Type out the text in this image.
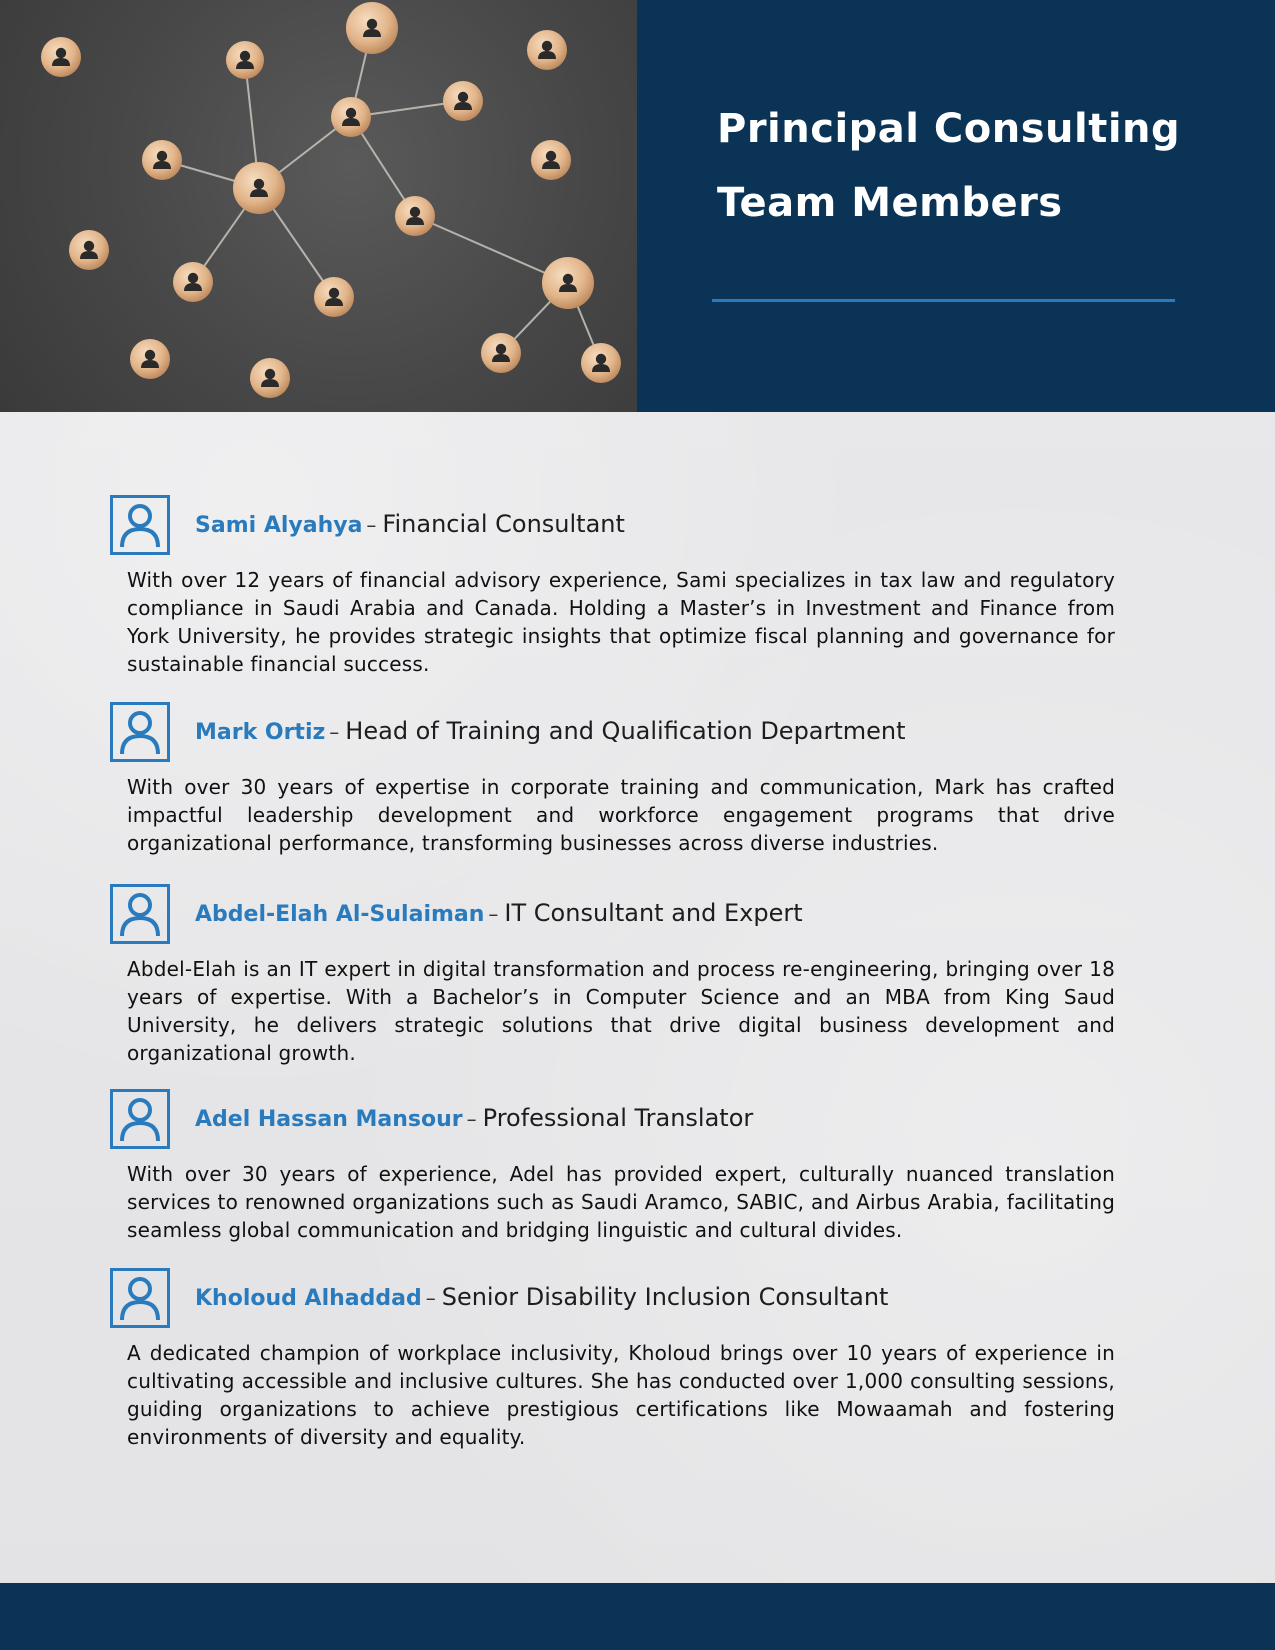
Principal Consulting
Team Members
Sami Alyahya – Financial Consultant

With over 12 years of financial advisory experience, Sami specializes in tax law and regulatory compliance in Saudi Arabia and Canada. Holding a Master’s in Investment and Finance from York University, he provides strategic insights that optimize fiscal planning and governance for sustainable financial success.

Mark Ortiz – Head of Training and Qualification Department

With over 30 years of expertise in corporate training and communication, Mark has crafted impactful leadership development and workforce engagement programs that drive organizational performance, transforming businesses across diverse industries.

Abdel-Elah Al-Sulaiman – IT Consultant and Expert

Abdel-Elah is an IT expert in digital transformation and process re-engineering, bringing over 18 years of expertise. With a Bachelor’s in Computer Science and an MBA from King Saud University, he delivers strategic solutions that drive digital business development and organizational growth.

Adel Hassan Mansour – Professional Translator

With over 30 years of experience, Adel has provided expert, culturally nuanced translation services to renowned organizations such as Saudi Aramco, SABIC, and Airbus Arabia, facilitating seamless global communication and bridging linguistic and cultural divides.

Kholoud Alhaddad – Senior Disability Inclusion Consultant

A dedicated champion of workplace inclusivity, Kholoud brings over 10 years of experience in cultivating accessible and inclusive cultures. She has conducted over 1,000 consulting sessions, guiding organizations to achieve prestigious certifications like Mowaamah and fostering environments of diversity and equality.
